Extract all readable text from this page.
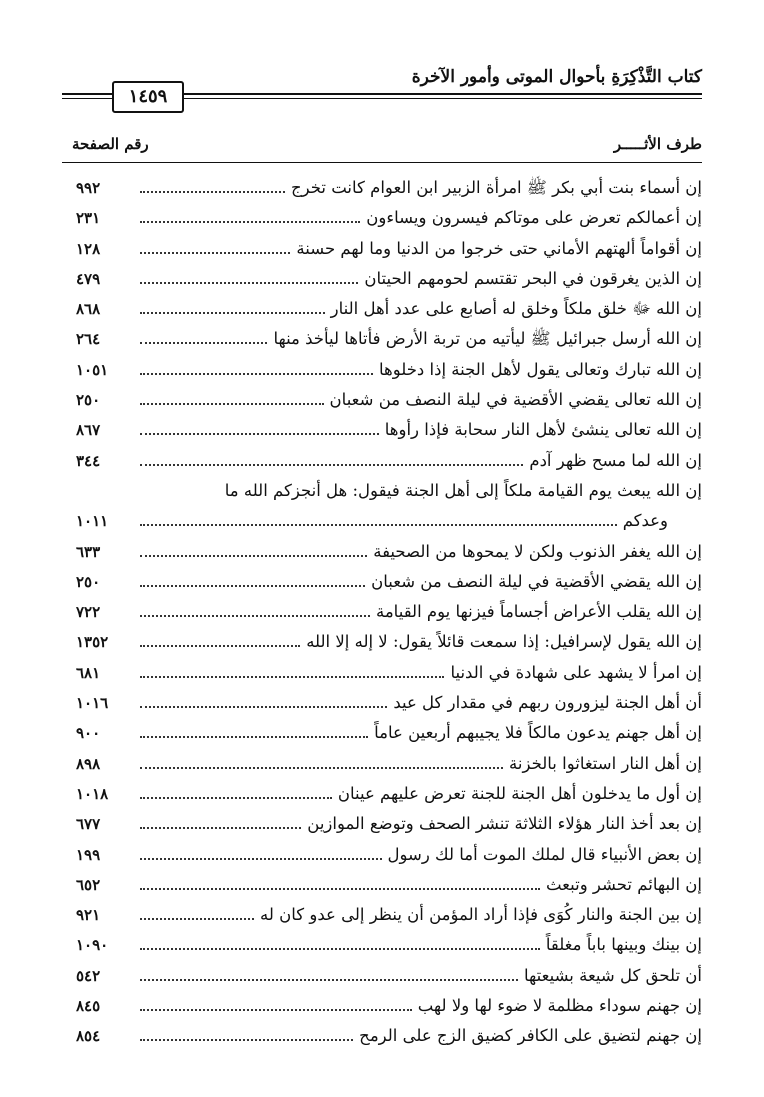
كتاب التَّذْكِرَةِ بأحوال الموتى وأمور الآخرة
١٤٥٩
طرف الأثـــــر
رقم الصفحة
إن أسماء بنت أبي بكر ﷺ امرأة الزبير ابن العوام كانت تخرج
٩٩٢
إن أعمالكم تعرض على موتاكم فيسرون ويساءون
٢٣١
إن أقواماً ألهتهم الأماني حتى خرجوا من الدنيا وما لهم حسنة
١٢٨
إن الذين يغرقون في البحر تقتسم لحومهم الحيتان
٤٧٩
إن الله ﷻ خلق ملكاً وخلق له أصابع على عدد أهل النار
٨٦٨
إن الله أرسل جبرائيل ﷺ ليأتيه من تربة الأرض فأتاها ليأخذ منها
٢٦٤
إن الله تبارك وتعالى يقول لأهل الجنة إذا دخلوها
١٠٥١
إن الله تعالى يقضي الأقضية في ليلة النصف من شعبان
٢٥٠
إن الله تعالى ينشئ لأهل النار سحابة فإذا رأوها
٨٦٧
إن الله لما مسح ظهر آدم
٣٤٤
إن الله يبعث يوم القيامة ملكاً إلى أهل الجنة فيقول: هل أنجزكم الله ما
وعدكم
١٠١١
إن الله يغفر الذنوب ولكن لا يمحوها من الصحيفة
٦٣٣
إن الله يقضي الأقضية في ليلة النصف من شعبان
٢٥٠
إن الله يقلب الأعراض أجساماً فيزنها يوم القيامة
٧٢٢
إن الله يقول لإسرافيل: إذا سمعت قائلاً يقول: لا إله إلا الله
١٣٥٢
إن امرأ لا يشهد على شهادة في الدنيا
٦٨١
أن أهل الجنة ليزورون ربهم في مقدار كل عيد
١٠١٦
إن أهل جهنم يدعون مالكاً فلا يجيبهم أربعين عاماً
٩٠٠
إن أهل النار استغاثوا بالخزنة
٨٩٨
إن أول ما يدخلون أهل الجنة للجنة تعرض عليهم عينان
١٠١٨
إن بعد أخذ النار هؤلاء الثلاثة تنشر الصحف وتوضع الموازين
٦٧٧
إن بعض الأنبياء قال لملك الموت أما لك رسول
١٩٩
إن البهائم تحشر وتبعث
٦٥٢
إن بين الجنة والنار كُوَى فإذا أراد المؤمن أن ينظر إلى عدو كان له
٩٢١
إن بينك وبينها باباً مغلقاً
١٠٩٠
أن تلحق كل شيعة بشيعتها
٥٤٢
إن جهنم سوداء مظلمة لا ضوء لها ولا لهب
٨٤٥
إن جهنم لتضيق على الكافر كضيق الزج على الرمح
٨٥٤
